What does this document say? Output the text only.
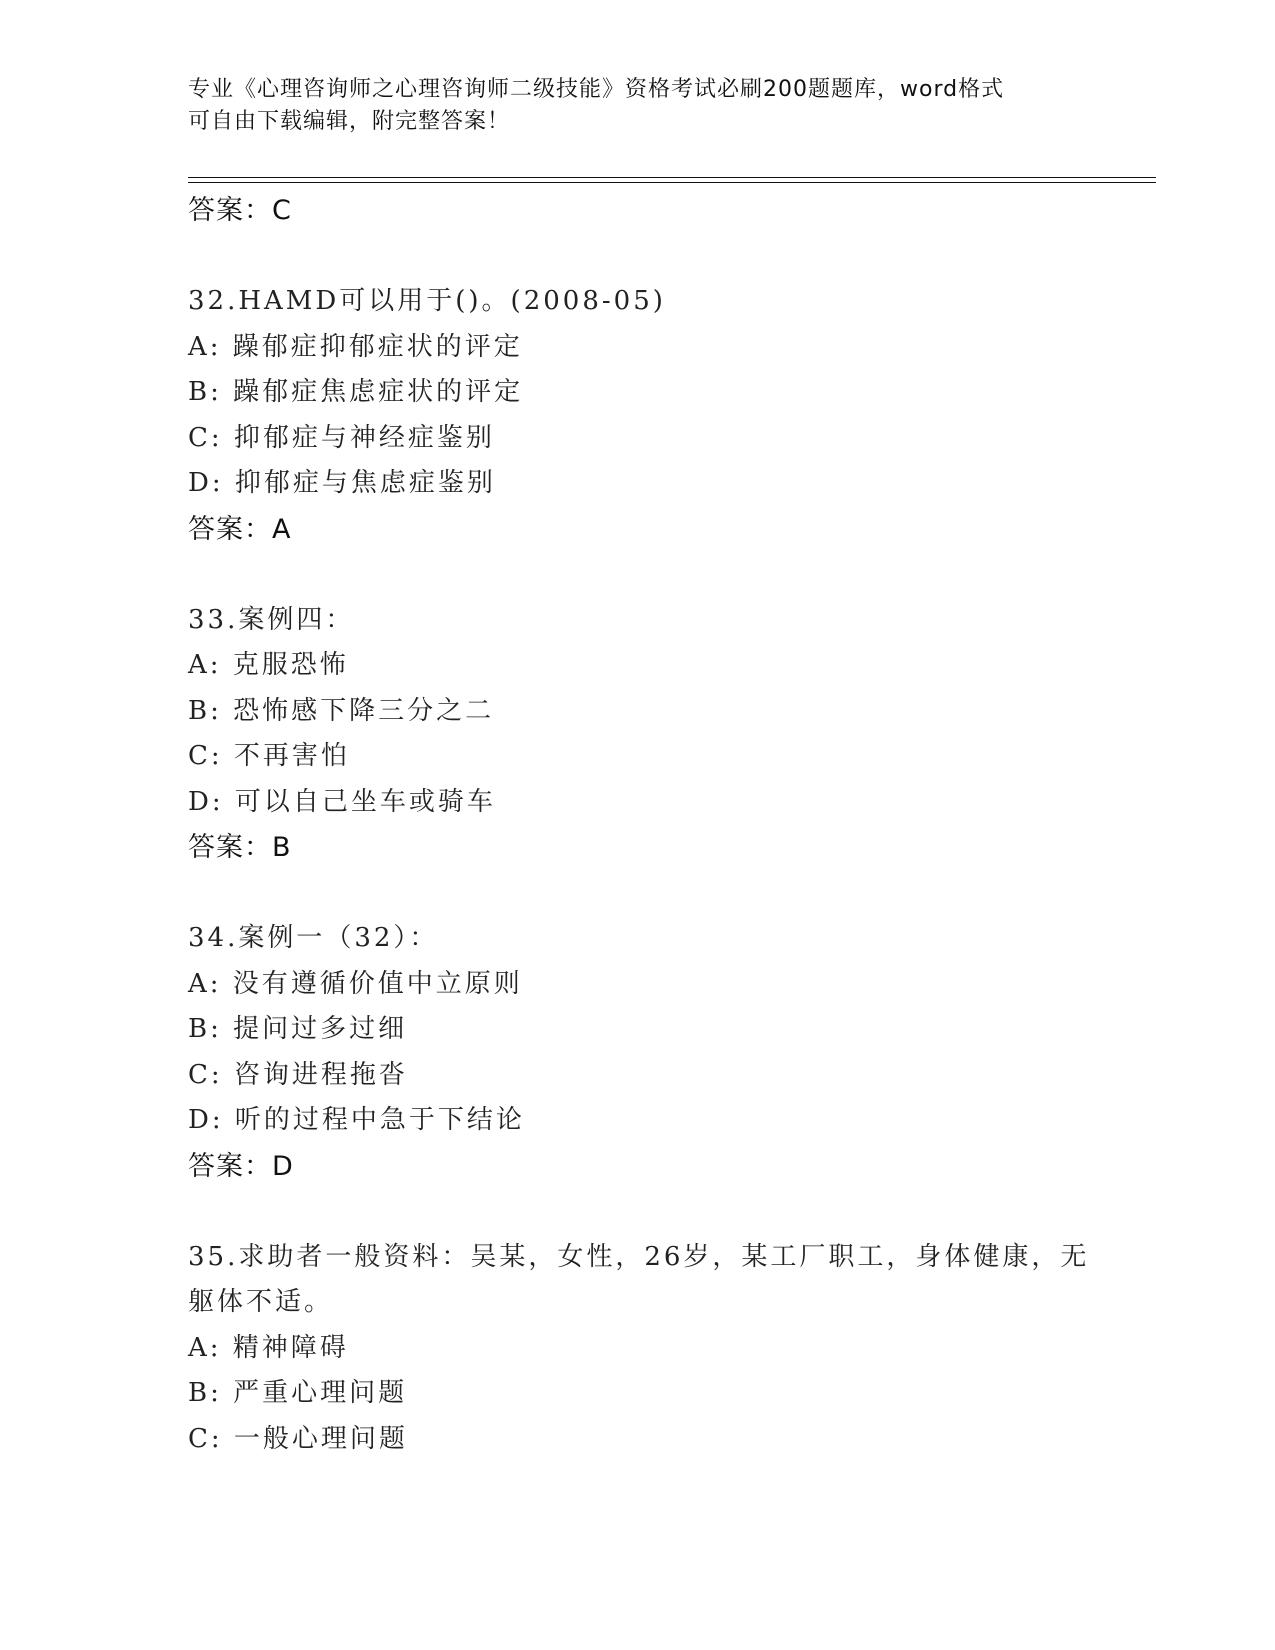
专业《心理咨询师之心理咨询师二级技能》资格考试必刷200题题库，word格式
可自由下载编辑，附完整答案！
答案：C
32.HAMD可以用于()。(2008-05)
A: 躁郁症抑郁症状的评定
B: 躁郁症焦虑症状的评定
C: 抑郁症与神经症鉴别
D: 抑郁症与焦虑症鉴别
答案：A
33.案例四：
A: 克服恐怖
B: 恐怖感下降三分之二
C: 不再害怕
D: 可以自己坐车或骑车
答案：B
34.案例一（32）：
A: 没有遵循价值中立原则
B: 提问过多过细
C: 咨询进程拖沓
D: 听的过程中急于下结论
答案：D
35.求助者一般资料：吴某，女性，26岁，某工厂职工，身体健康，无
躯体不适。
A: 精神障碍
B: 严重心理问题
C: 一般心理问题
